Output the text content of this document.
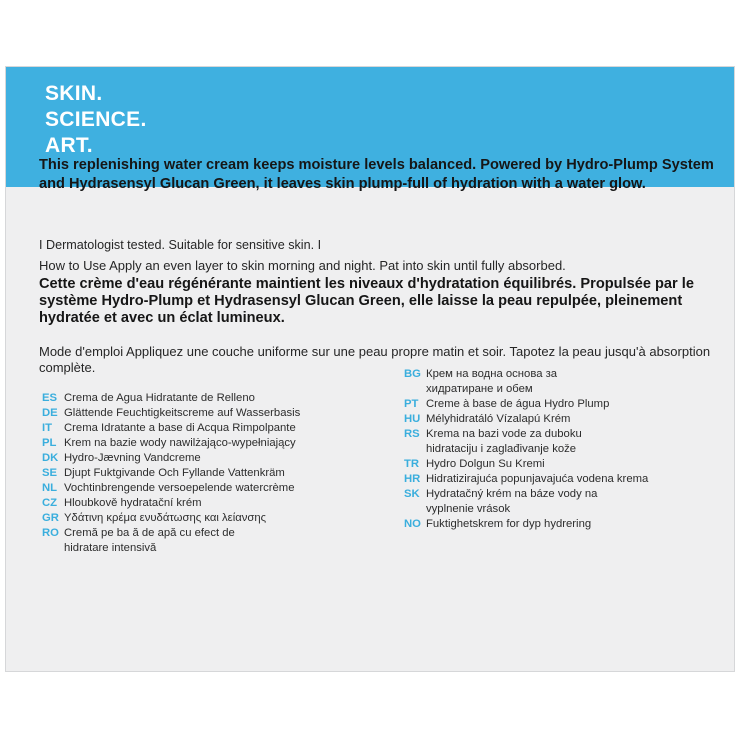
SKIN.
SCIENCE.
ART.
This replenishing water cream keeps moisture levels balanced. Powered by Hydro-Plump System and Hydrasensyl Glucan Green, it leaves skin plump-full of hydration with a water glow.
I Dermatologist tested. Suitable for sensitive skin. I
How to Use Apply an even layer to skin morning and night. Pat into skin until fully absorbed.
Cette crème d'eau régénérante maintient les niveaux d'hydratation équilibrés. Propulsée par le système Hydro-Plump et Hydrasensyl Glucan Green, elle laisse la peau repulpée, pleinement hydratée et avec un éclat lumineux.
Mode d'emploi Appliquez une couche uniforme sur une peau propre matin et soir. Tapotez la peau jusqu'à absorption complète.
ES Crema de Agua Hidratante de Relleno
DE Glättende Feuchtigkeitscreme auf Wasserbasis
IT	Crema Idratante a base di Acqua Rimpolpante
PL Krem na bazie wody nawilżająco-wypełniający
DK Hydro-Jævning Vandcreme
SE Djupt Fuktgivande Och Fyllande Vattenkräm
NL Vochtinbrengende versoepelende watercrème
CZ Hloubkově hydratační krém
GR Υδάτινη κρέμα ενυδάτωσης και λείανσης
RO Cremă pe ba ă de apă cu efect de
hidratare intensivă
BG Крем на водна основа за
хидратиране и обем
PT Creme à base de água Hydro Plump
HU Mélyhidratáló Vízalapú Krém
RS Krema na bazi vode za duboku
hidrataciju i zaglađivanje kože
TR Hydro Dolgun Su Kremi
HR Hidratizirajuća popunjavajuća vodena krema
SK Hydratačný krém na báze vody na
vyplnenie vrások
NO Fuktighetskrem for dyp hydrering
